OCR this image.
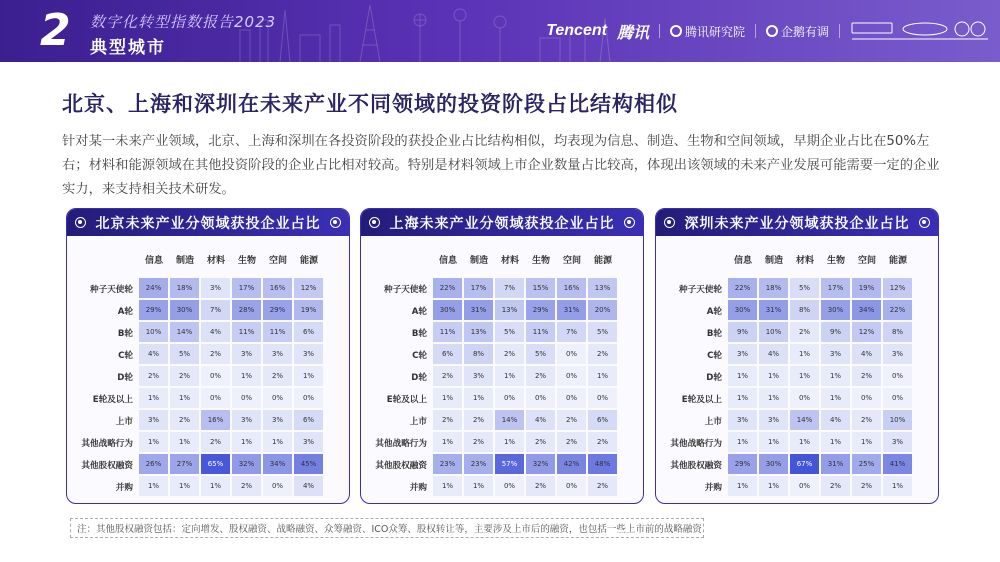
2 数字化转型指数报告2023
典型城市
Tencent 腾讯	腾讯研究院	企鹅有调
北京、上海和深圳在未来产业不同领域的投资阶段占比结构相似
针对某一未来产业领域，北京、上海和深圳在各投资阶段的获投企业占比结构相似，均表现为信息、制造、生物和空间领域，早期企业占比在50%左右；材料和能源领域在其他投资阶段的企业占比相对较高。特别是材料领域上市企业数量占比较高，体现出该领域的未来产业发展可能需要一定的企业实力，来支持相关技术研发。
北京未来产业分领域获投企业占比
信息	制造	材料	生物	空间	能源
种子天使轮	24%	18%	3%	17%	16%	12%
A轮	29%	30%	7%	28%	29%	19%
B轮	10%	14%	4%	11%	11%	6%
C轮	4%	5%	2%	3%	3%	3%
D轮	2%	2%	0%	1%	2%	1%
E轮及以上	1%	1%	0%	0%	0%	0%
上市	3%	2%	16%	3%	3%	6%
其他战略行为	1%	1%	2%	1%	1%	3%
其他股权融资	26%	27%	65%	32%	34%	45%
并购	1%	1%	1%	2%	0%	4%
上海未来产业分领域获投企业占比
信息	制造	材料	生物	空间	能源
种子天使轮	22%	17%	7%	15%	16%	13%
A轮	30%	31%	13%	29%	31%	20%
B轮	11%	13%	5%	11%	7%	5%
C轮	6%	8%	2%	5%	0%	2%
D轮	2%	3%	1%	2%	0%	1%
E轮及以上	1%	1%	0%	0%	0%	0%
上市	2%	2%	14%	4%	2%	6%
其他战略行为	1%	2%	1%	2%	2%	2%
其他股权融资	23%	23%	57%	32%	42%	48%
并购	1%	1%	0%	2%	0%	2%
深圳未来产业分领域获投企业占比
信息	制造	材料	生物	空间	能源
种子天使轮	22%	18%	5%	17%	19%	12%
A轮	30%	31%	8%	30%	34%	22%
B轮	9%	10%	2%	9%	12%	8%
C轮	3%	4%	1%	3%	4%	3%
D轮	1%	1%	1%	1%	2%	0%
E轮及以上	1%	1%	0%	1%	0%	0%
上市	3%	3%	14%	4%	2%	10%
其他战略行为	1%	1%	1%	1%	1%	3%
其他股权融资	29%	30%	67%	31%	25%	41%
并购	1%	1%	0%	2%	2%	1%
注：其他股权融资包括：定向增发、股权融资、战略融资、众筹融资、ICO众筹、股权转让等，主要涉及上市后的融资，也包括一些上市前的战略融资
